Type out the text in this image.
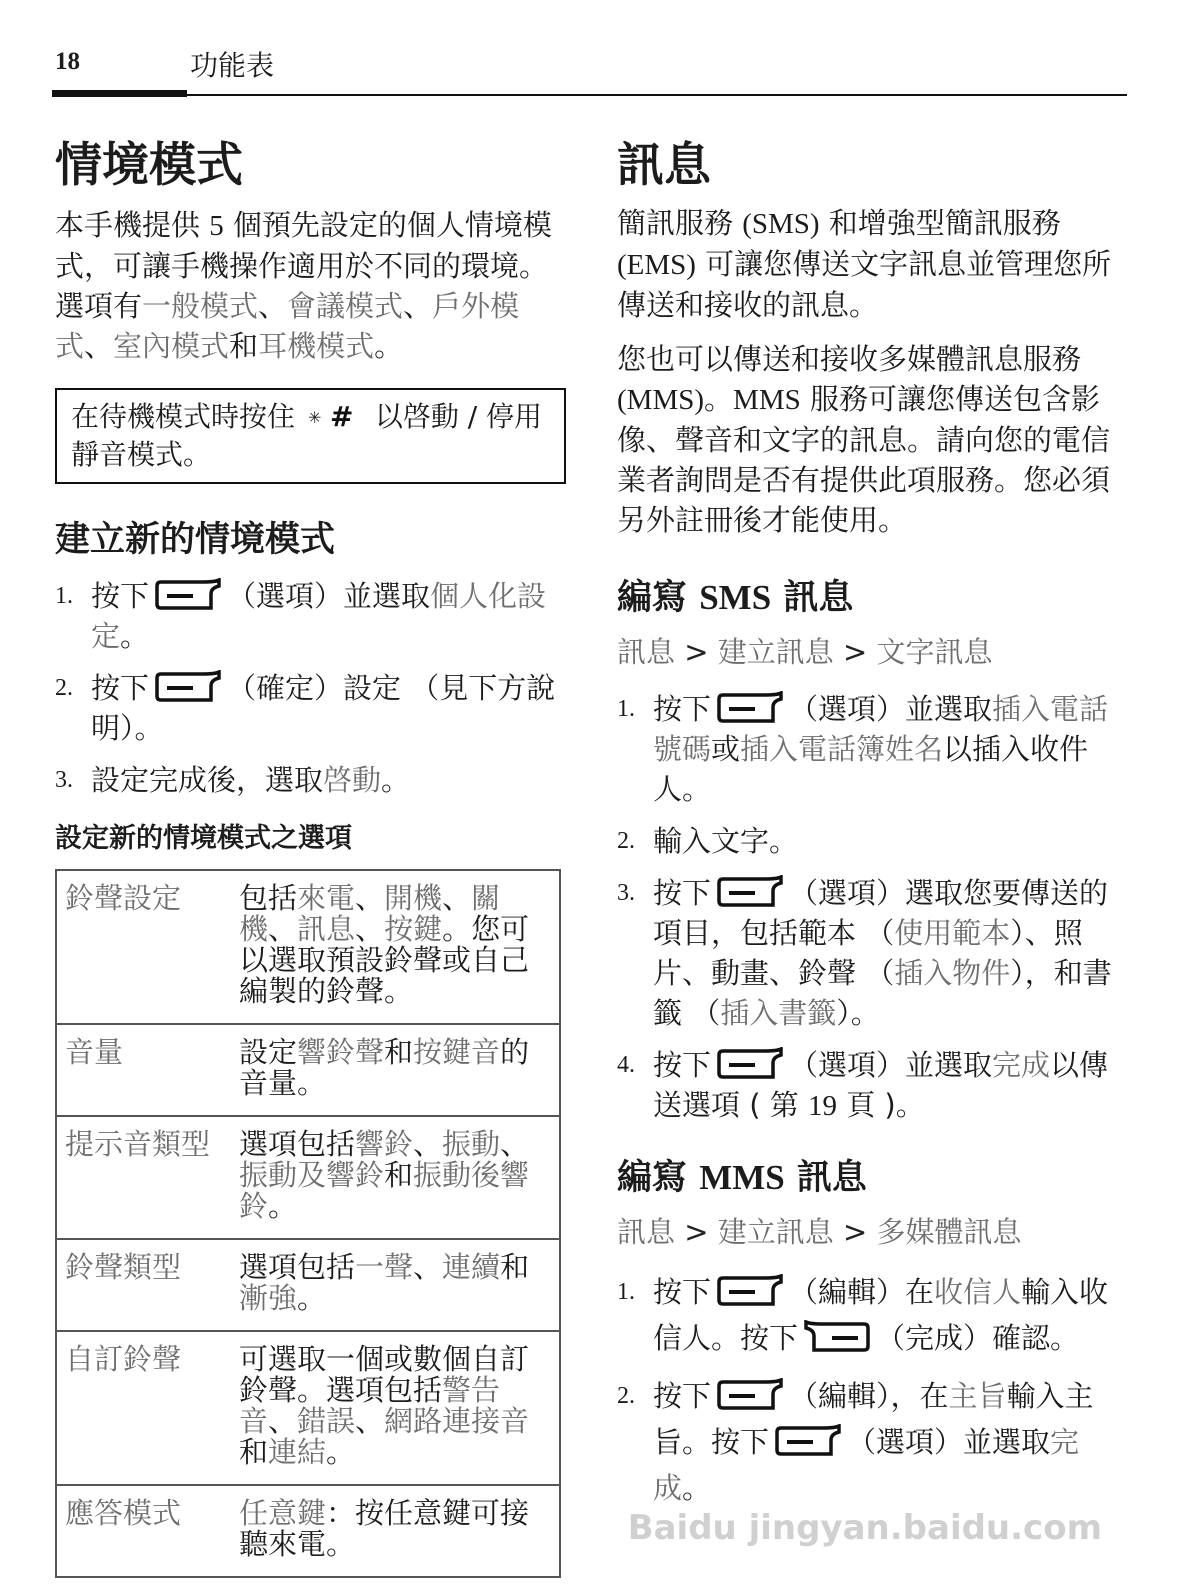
18	功能表
情境模式

本手機提供 5 個預先設定的個人情境模式，可讓手機操作適用於不同的環境。選項有一般模式、會議模式、戶外模式、室內模式和耳機模式。

在待機模式時按住 ✳ # 以啓動 / 停用靜音模式。
建立新的情境模式
1. 按下	（選項）並選取個人化設定。
2. 按下	（確定）設定 （見下方說明）。
3. 設定完成後，選取啓動。
設定新的情境模式之選項
鈴聲設定	包括來電、開機、關機、訊息、按鍵。您可以選取預設鈴聲或自己編製的鈴聲。
音量	設定響鈴聲和按鍵音的音量。
提示音類型	選項包括響鈴、振動、振動及響鈴和振動後響鈴。
鈴聲類型	選項包括一聲、連續和漸強。
自訂鈴聲	可選取一個或數個自訂鈴聲。選項包括警告音、錯誤、網路連接音和連結。
應答模式	任意鍵：按任意鍵可接聽來電。
訊息

簡訊服務 (SMS) 和增強型簡訊服務 (EMS) 可讓您傳送文字訊息並管理您所傳送和接收的訊息。

您也可以傳送和接收多媒體訊息服務 (MMS)。MMS 服務可讓您傳送包含影像、聲音和文字的訊息。請向您的電信業者詢問是否有提供此項服務。您必須另外註冊後才能使用。

編寫 SMS 訊息
訊息 > 建立訊息 > 文字訊息
1. 按下	（選項）並選取插入電話號碼或插入電話簿姓名以插入收件人。
2. 輸入文字。
3. 按下	（選項）選取您要傳送的項目，包括範本 （使用範本）、照片、動畫、鈴聲 （插入物件），和書籤 （插入書籤）。
4. 按下	（選項）並選取完成以傳送選項 ( 第 19 頁 )。
編寫 MMS 訊息
訊息 > 建立訊息 > 多媒體訊息
1. 按下	（編輯）在收信人輸入收信人。按下	（完成）確認。
2. 按下	（編輯），在主旨輸入主旨。按下	（選項）並選取完成。
Baidu jingyan.baidu.com
